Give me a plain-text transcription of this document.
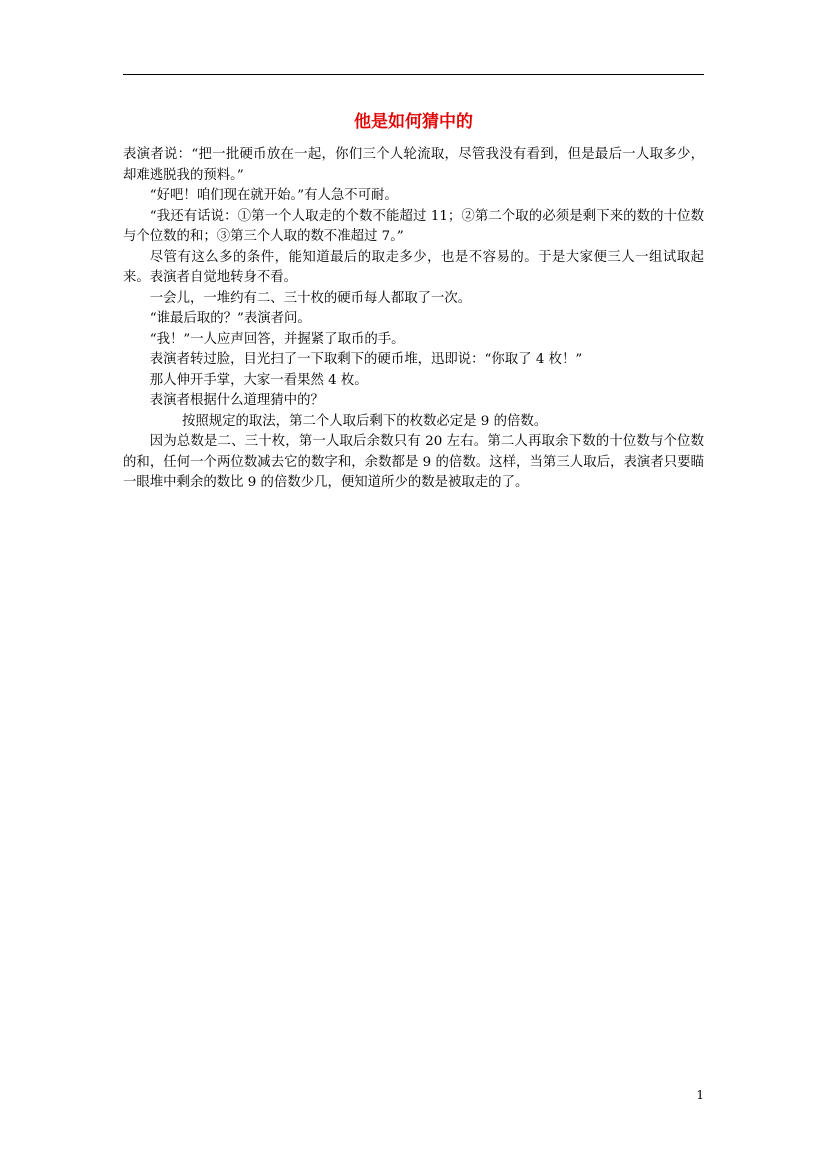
他是如何猜中的

表演者说：“把一批硬币放在一起，你们三个人轮流取，尽管我没有看到，但是最后一人取多少，却难逃脱我的预料。”

“好吧！咱们现在就开始。”有人急不可耐。

“我还有话说：①第一个人取走的个数不能超过 11；②第二个取的必须是剩下来的数的十位数与个位数的和；③第三个人取的数不准超过 7。”

尽管有这么多的条件，能知道最后的取走多少，也是不容易的。于是大家便三人一组试取起来。表演者自觉地转身不看。

一会儿，一堆约有二、三十枚的硬币每人都取了一次。

“谁最后取的？”表演者问。

“我！”一人应声回答，并握紧了取币的手。

表演者转过脸，目光扫了一下取剩下的硬币堆，迅即说：“你取了 4 枚！”

那人伸开手掌，大家一看果然 4 枚。

表演者根据什么道理猜中的？

按照规定的取法，第二个人取后剩下的枚数必定是 9 的倍数。

因为总数是二、三十枚，第一人取后余数只有 20 左右。第二人再取余下数的十位数与个位数的和，任何一个两位数减去它的数字和，余数都是 9 的倍数。这样，当第三人取后，表演者只要瞄一眼堆中剩余的数比 9 的倍数少几，便知道所少的数是被取走的了。

1
